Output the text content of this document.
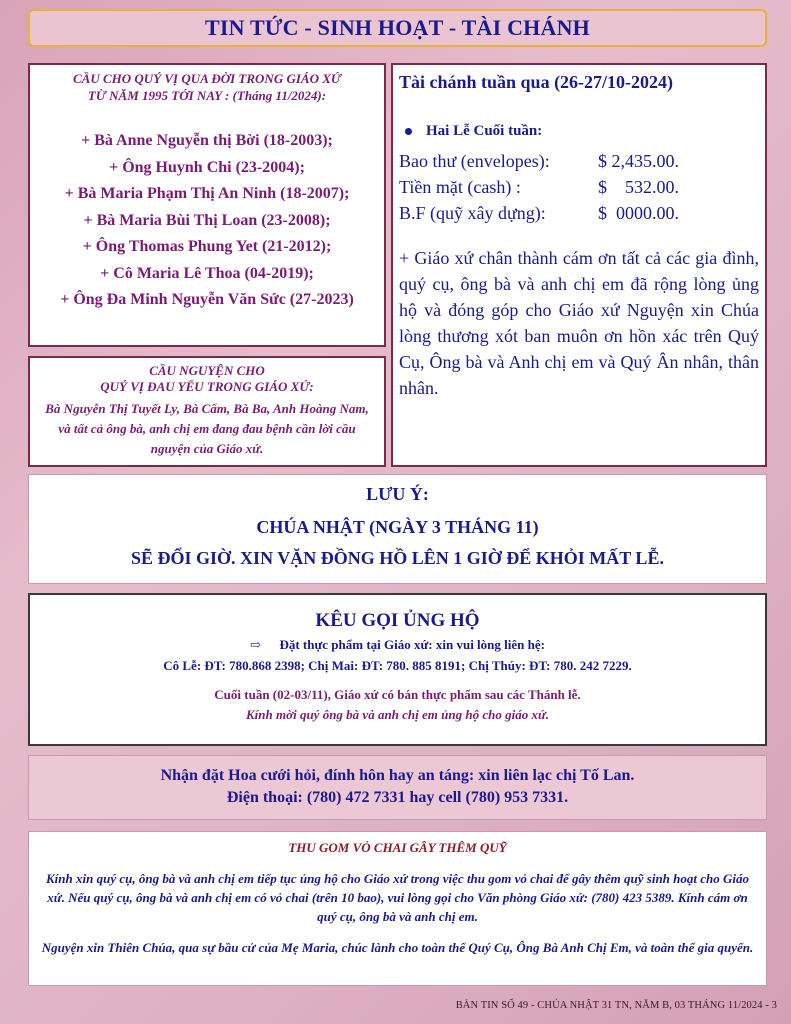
TIN TỨC - SINH HOẠT - TÀI CHÁNH
CẦU CHO QUÝ VỊ QUA ĐỜI TRONG GIÁO XỨ
TỪ NĂM 1995 TỚI NAY : (Tháng 11/2024):
+ Bà Anne Nguyễn thị Bời (18-2003);
+ Ông Huynh Chi (23-2004);
+ Bà Maria Phạm Thị An Ninh (18-2007);
+ Bà Maria Bùi Thị Loan (23-2008);
+ Ông Thomas Phung Yet (21-2012);
+ Cô Maria Lê Thoa (04-2019);
+ Ông Đa Minh Nguyễn Văn Sức (27-2023)
CẦU NGUYỆN CHO
QUÝ VỊ ĐAU YẾU TRONG GIÁO XỨ:
Bà Nguyễn Thị Tuyết Ly, Bà Cẩm, Bà Ba, Anh Hoàng Nam, và tất cả ông bà, anh chị em đang đau bệnh cần lời cầu nguyện của Giáo xứ.
Tài chánh tuần qua (26-27/10-2024)
Hai Lễ Cuối tuần:
Bao thư (envelopes):	$ 2,435.00.
Tiền mặt (cash) :	$    532.00.
B.F (quỹ xây dựng):	$  0000.00.
+ Giáo xứ chân thành cám ơn tất cả các gia đình, quý cụ, ông bà và anh chị em đã rộng lòng ủng hộ và đóng góp cho Giáo xứ Nguyện xin Chúa lòng thương xót ban muôn ơn hồn xác trên Quý Cụ, Ông bà và Anh chị em và Quý Ân nhân, thân nhân.
LƯU Ý:
CHÚA NHẬT (NGÀY 3 THÁNG 11)
SẼ ĐỔI GIỜ. XIN VẶN ĐỒNG HỒ LÊN 1 GIỜ ĐỂ KHỎI MẤT LỄ.
KÊU GỌI ỦNG HỘ
⇨ Đặt thực phẩm tại Giáo xứ: xin vui lòng liên hệ:
Cô Lễ: ĐT: 780.868 2398; Chị Mai: ĐT: 780. 885 8191; Chị Thúy: ĐT: 780. 242 7229.
Cuối tuần (02-03/11), Giáo xứ có bán thực phẩm sau các Thánh lễ.
Kính mời quý ông bà và anh chị em ủng hộ cho giáo xứ.
Nhận đặt Hoa cưới hỏi, đính hôn hay an táng: xin liên lạc chị Tố Lan.
Điện thoại: (780) 472 7331 hay cell (780) 953 7331.
THU GOM VỎ CHAI GÂY THÊM QUỸ
Kính xin quý cụ, ông bà và anh chị em tiếp tục ủng hộ cho Giáo xứ trong việc thu gom vỏ chai để gây thêm quỹ sinh hoạt cho Giáo xứ. Nếu quý cụ, ông bà và anh chị em có vỏ chai (trên 10 bao), vui lòng gọi cho Văn phòng Giáo xứ: (780) 423 5389. Kính cám ơn quý cụ, ông bà và anh chị em.
Nguyện xin Thiên Chúa, qua sự bầu cử của Mẹ Maria, chúc lành cho toàn thể Quý Cụ, Ông Bà Anh Chị Em, và toàn thể gia quyến.
BẢN TIN SỐ 49 - CHÚA NHẬT 31 TN, NĂM B, 03 THÁNG 11/2024 - 3
